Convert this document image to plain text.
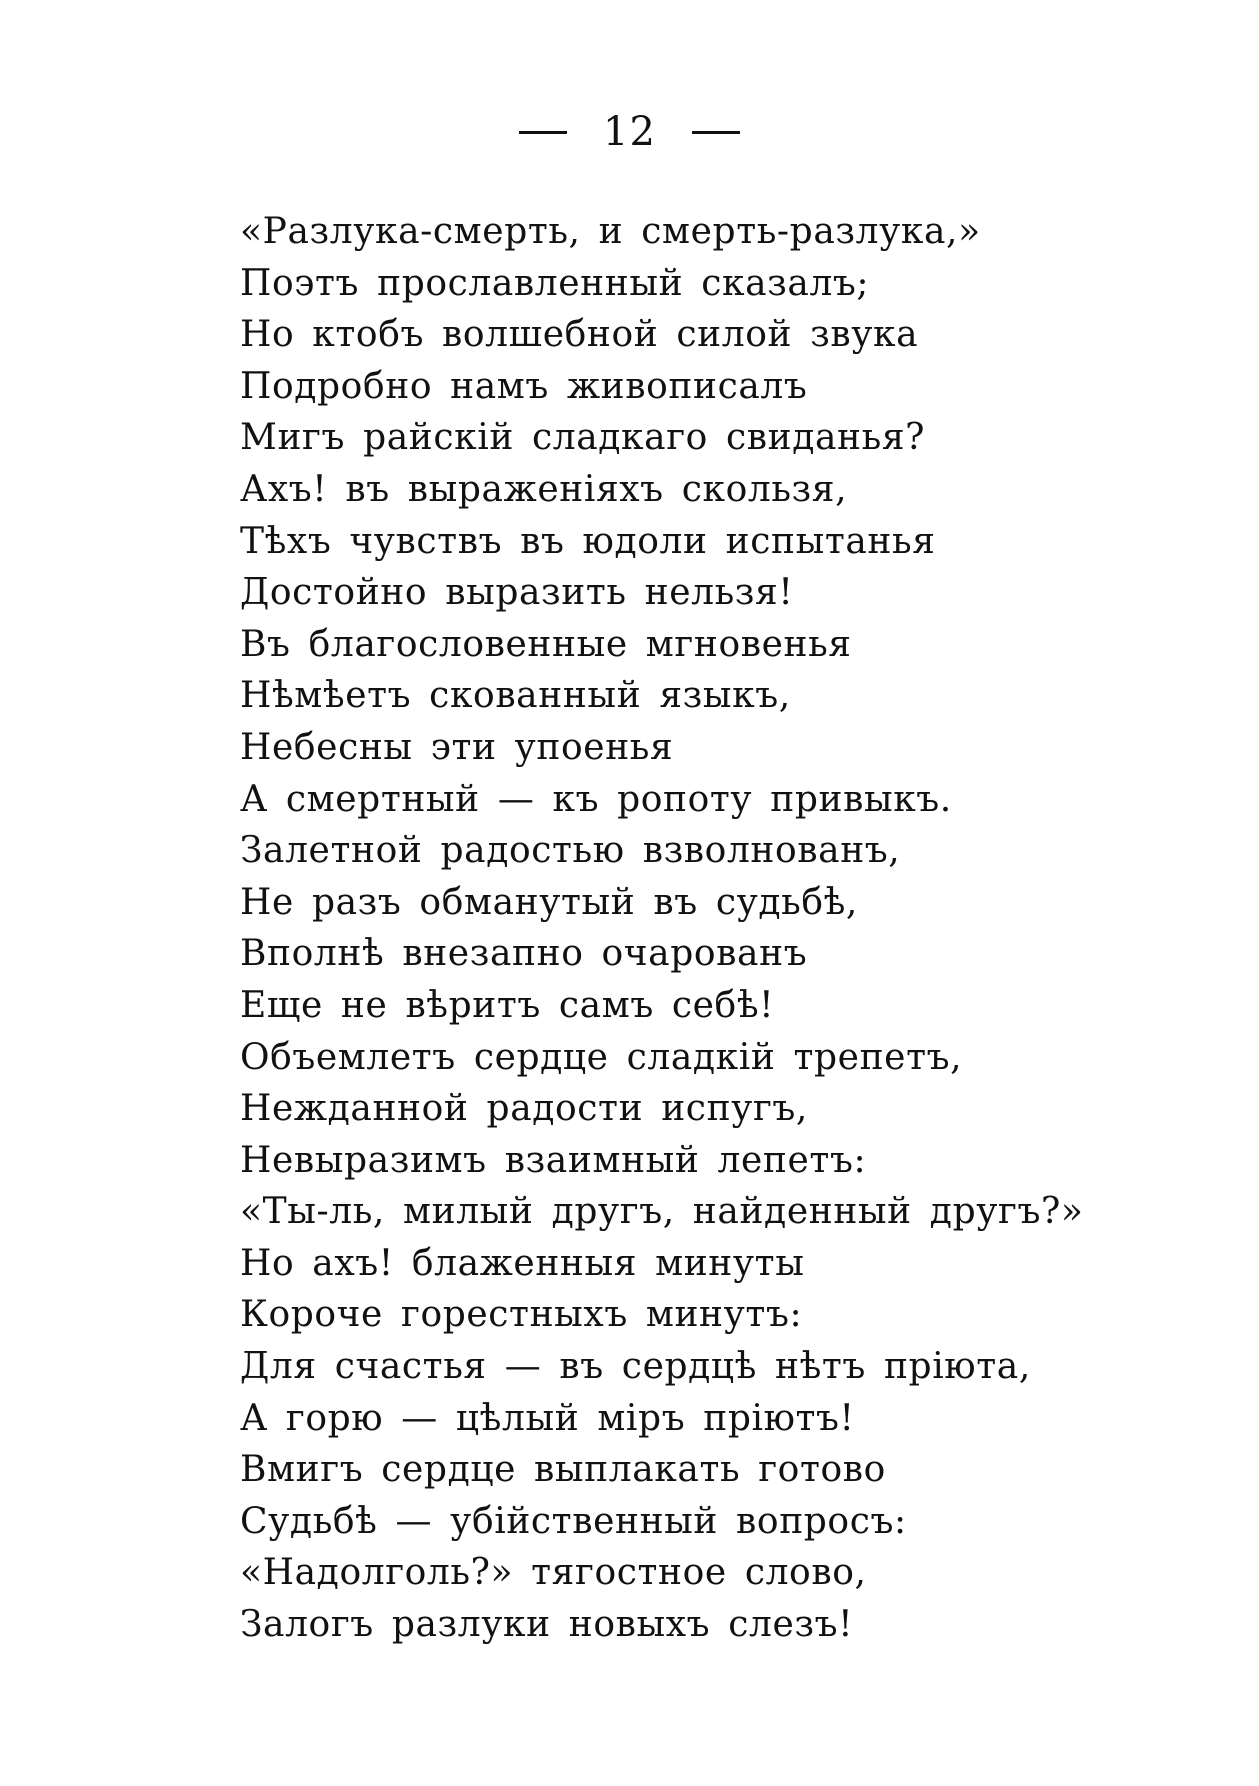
12
«Разлука-смерть, и смерть-разлука,»
Поэтъ прославленный сказалъ;
Но ктобъ волшебной силой звука
Подробно намъ живописалъ
Мигъ райскій сладкаго свиданья?
Ахъ! въ выраженіяхъ скользя,
Тѣхъ чувствъ въ юдоли испытанья
Достойно выразить нельзя!
Въ благословенные мгновенья
Нѣмѣетъ скованный языкъ,
Небесны эти упоенья
А смертный — къ ропоту привыкъ.
Залетной радостью взволнованъ,
Не разъ обманутый въ судьбѣ,
Вполнѣ внезапно очарованъ
Еще не вѣритъ самъ себѣ!
Объемлетъ сердце сладкій трепетъ,
Нежданной радости испугъ,
Невыразимъ взаимный лепетъ:
«Ты-ль, милый другъ, найденный другъ?»
Но ахъ! блаженныя минуты
Короче горестныхъ минутъ:
Для счастья — въ сердцѣ нѣтъ пріюта,
А горю — цѣлый міръ пріютъ!
Вмигъ сердце выплакать готово
Судьбѣ — убійственный вопросъ:
«Надолголь?» тягостное слово,
Залогъ разлуки новыхъ слезъ!
